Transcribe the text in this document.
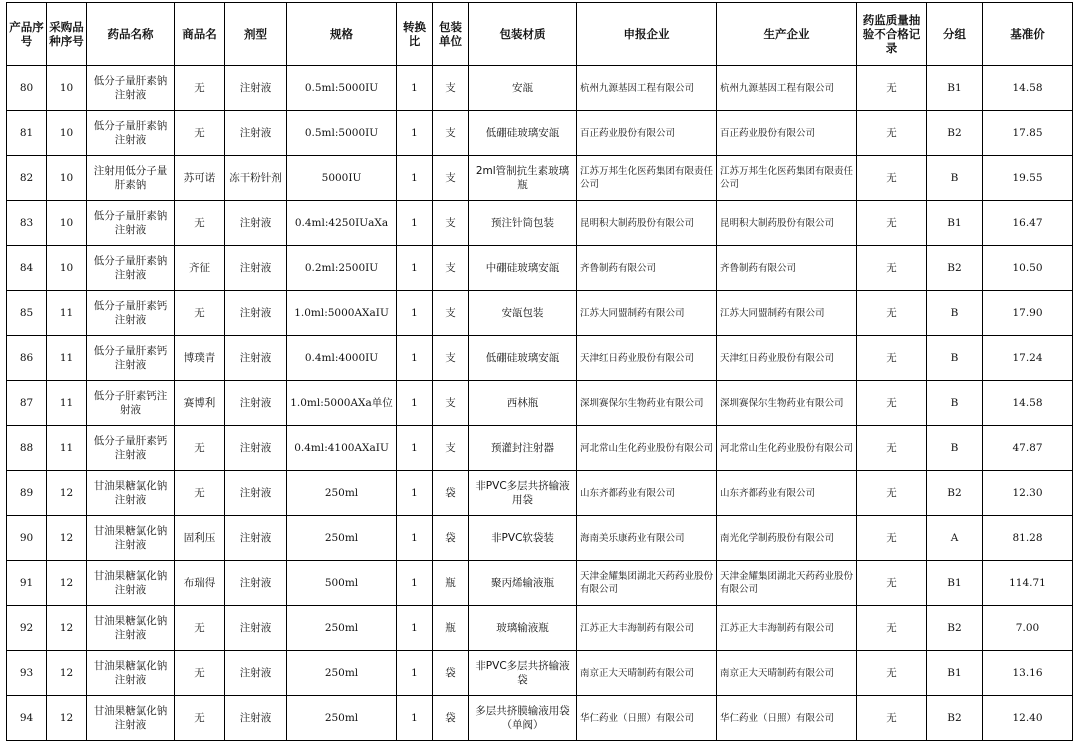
产品序号	采购品种序号	药品名称	商品名	剂型	规格	转换比	包装单位	包装材质	申报企业	生产企业	药监质量抽验不合格记录	分组	基准价
80	10	低分子量肝素钠注射液	无	注射液	0.5ml:5000IU	1	支	安瓿	杭州九源基因工程有限公司	杭州九源基因工程有限公司	无	B1	14.58
81	10	低分子量肝素钠注射液	无	注射液	0.5ml:5000IU	1	支	低硼硅玻璃安瓿	百正药业股份有限公司	百正药业股份有限公司	无	B2	17.85
82	10	注射用低分子量肝素钠	苏可诺	冻干粉针剂	5000IU	1	支	2ml管制抗生素玻璃瓶	江苏万邦生化医药集团有限责任公司	江苏万邦生化医药集团有限责任公司	无	B	19.55
83	10	低分子量肝素钠注射液	无	注射液	0.4ml:4250IUaXa	1	支	预注针筒包装	昆明积大制药股份有限公司	昆明积大制药股份有限公司	无	B1	16.47
84	10	低分子量肝素钠注射液	齐征	注射液	0.2ml:2500IU	1	支	中硼硅玻璃安瓿	齐鲁制药有限公司	齐鲁制药有限公司	无	B2	10.50
85	11	低分子量肝素钙注射液	无	注射液	1.0ml:5000AXaIU	1	支	安瓿包装	江苏大同盟制药有限公司	江苏大同盟制药有限公司	无	B	17.90
86	11	低分子量肝素钙注射液	博璞青	注射液	0.4ml:4000IU	1	支	低硼硅玻璃安瓿	天津红日药业股份有限公司	天津红日药业股份有限公司	无	B	17.24
87	11	低分子肝素钙注射液	赛博利	注射液	1.0ml:5000AXa单位	1	支	西林瓶	深圳赛保尔生物药业有限公司	深圳赛保尔生物药业有限公司	无	B	14.58
88	11	低分子量肝素钙注射液	无	注射液	0.4ml:4100AXaIU	1	支	预灌封注射器	河北常山生化药业股份有限公司	河北常山生化药业股份有限公司	无	B	47.87
89	12	甘油果糖氯化钠注射液	无	注射液	250ml	1	袋	非PVC多层共挤输液用袋	山东齐都药业有限公司	山东齐都药业有限公司	无	B2	12.30
90	12	甘油果糖氯化钠注射液	固利压	注射液	250ml	1	袋	非PVC软袋装	海南美乐康药业有限公司	南光化学制药股份有限公司	无	A	81.28
91	12	甘油果糖氯化钠注射液	布瑞得	注射液	500ml	1	瓶	聚丙烯输液瓶	天津金耀集团湖北天药药业股份有限公司	天津金耀集团湖北天药药业股份有限公司	无	B1	114.71
92	12	甘油果糖氯化钠注射液	无	注射液	250ml	1	瓶	玻璃输液瓶	江苏正大丰海制药有限公司	江苏正大丰海制药有限公司	无	B2	7.00
93	12	甘油果糖氯化钠注射液	无	注射液	250ml	1	袋	非PVC多层共挤输液袋	南京正大天晴制药有限公司	南京正大天晴制药有限公司	无	B1	13.16
94	12	甘油果糖氯化钠注射液	无	注射液	250ml	1	袋	多层共挤膜输液用袋（单阀）	华仁药业（日照）有限公司	华仁药业（日照）有限公司	无	B2	12.40
